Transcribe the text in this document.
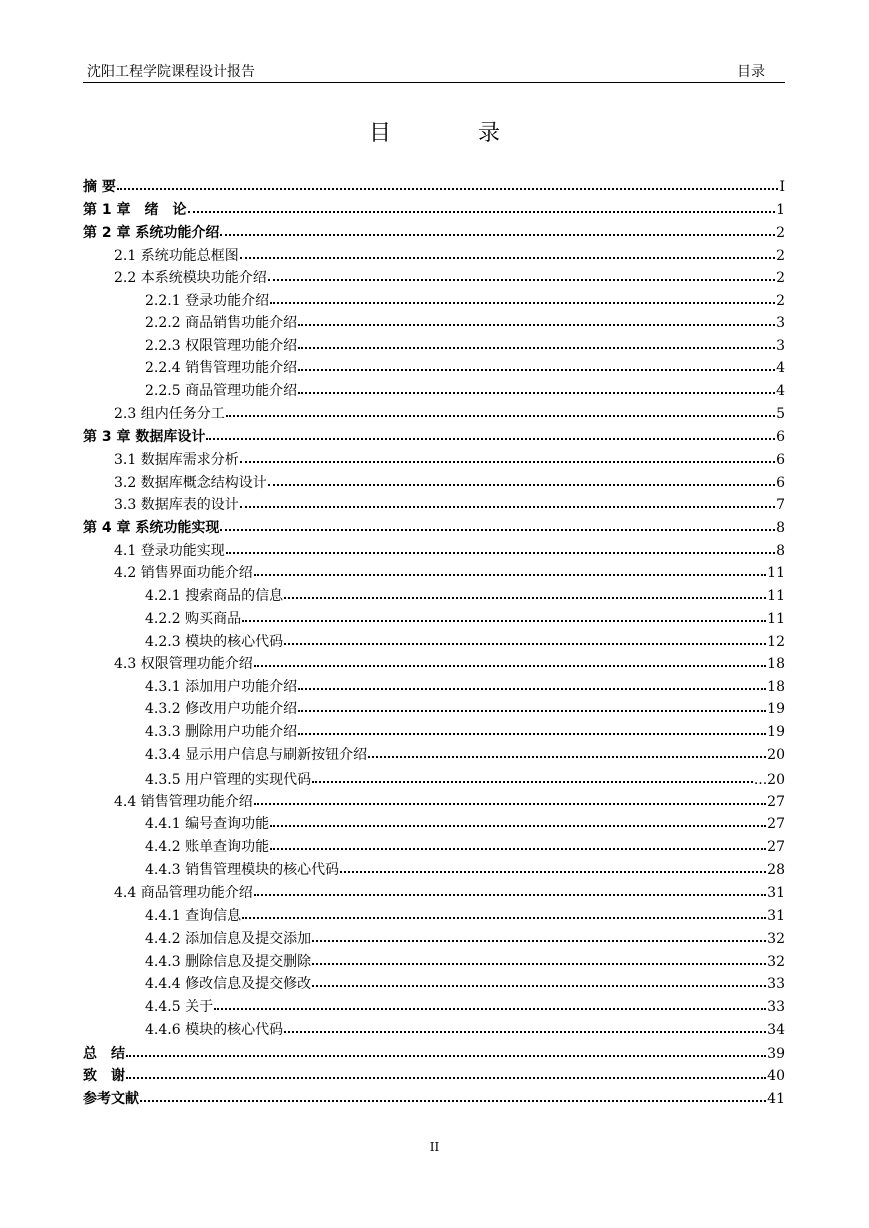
沈阳工程学院课程设计报告	目录
目 录
摘 要	I
第 1 章　绪　论	1
第 2 章 系统功能介绍	2
2.1 系统功能总框图	2
2.2 本系统模块功能介绍	2
2.2.1 登录功能介绍	2
2.2.2 商品销售功能介绍	3
2.2.3 权限管理功能介绍	3
2.2.4 销售管理功能介绍	4
2.2.5 商品管理功能介绍	4
2.3 组内任务分工	5
第 3 章 数据库设计	6
3.1 数据库需求分析	6
3.2 数据库概念结构设计	6
3.3 数据库表的设计	7
第 4 章 系统功能实现	8
4.1 登录功能实现	8
4.2 销售界面功能介绍	11
4.2.1 搜索商品的信息	11
4.2.2 购买商品	11
4.2.3 模块的核心代码	12
4.3 权限管理功能介绍	18
4.3.1 添加用户功能介绍	18
4.3.2 修改用户功能介绍	19
4.3.3 删除用户功能介绍	19
4.3.4 显示用户信息与刷新按钮介绍	20
4.3.5 用户管理的实现代码	...20
4.4 销售管理功能介绍	27
4.4.1 编号查询功能	27
4.4.2 账单查询功能	27
4.4.3 销售管理模块的核心代码	28
4.4 商品管理功能介绍	31
4.4.1 查询信息	31
4.4.2 添加信息及提交添加	32
4.4.3 删除信息及提交删除	32
4.4.4 修改信息及提交修改	33
4.4.5 关于	33
4.4.6 模块的核心代码	34
总　结	39
致　谢	40
参考文献	41
II
